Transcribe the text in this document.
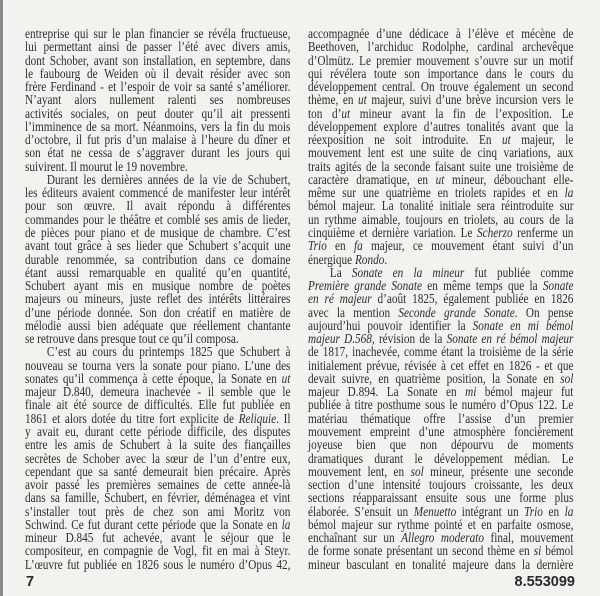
entreprise qui sur le plan financier se révéla fructueuse,
lui permettant ainsi de passer l’été avec divers amis,
dont Schober, avant son installation, en septembre, dans
le faubourg de Weiden où il devait résider avec son
frère Ferdinand - et l’espoir de voir sa santé s’améliorer.
N’ayant alors nullement ralenti ses nombreuses
activités sociales, on peut douter qu’il ait pressenti
l’imminence de sa mort. Néanmoins, vers la fin du mois
d’octobre, il fut pris d’un malaise à l’heure du dîner et
son état ne cessa de s’aggraver durant les jours qui
suivirent. Il mourut le 19 novembre.
Durant les dernières années de la vie de Schubert,
les éditeurs avaient commencé de manifester leur intérêt
pour son œuvre. Il avait répondu à différentes
commandes pour le théâtre et comblé ses amis de lieder,
de pièces pour piano et de musique de chambre. C’est
avant tout grâce à ses lieder que Schubert s’acquit une
durable renommée, sa contribution dans ce domaine
étant aussi remarquable en qualité qu’en quantité,
Schubert ayant mis en musique nombre de poètes
majeurs ou mineurs, juste reflet des intérêts littéraires
d’une période donnée. Son don créatif en matière de
mélodie aussi bien adéquate que réellement chantante
se retrouve dans presque tout ce qu’il composa.
C’est au cours du printemps 1825 que Schubert à
nouveau se tourna vers la sonate pour piano. L’une des
sonates qu’il commença à cette époque, la Sonate en ut
majeur D.840, demeura inachevée - il semble que le
finale ait été source de difficultés. Elle fut publiée en
1861 et alors dotée du titre fort explicite de Reliquie. Il
y avait eu, durant cette période difficile, des disputes
entre les amis de Schubert à la suite des fiançailles
secrètes de Schober avec la sœur de l’un d’entre eux,
cependant que sa santé demeurait bien précaire. Après
avoir passé les premières semaines de cette année-là
dans sa famille, Schubert, en février, déménagea et vint
s’installer tout près de chez son ami Moritz von
Schwind. Ce fut durant cette période que la Sonate en la
mineur D.845 fut achevée, avant le séjour que le
compositeur, en compagnie de Vogl, fit en mai à Steyr.
L’œuvre fut publiée en 1826 sous le numéro d’Opus 42,
accompagnée d’une dédicace à l’élève et mécène de
Beethoven, l’archiduc Rodolphe, cardinal archevêque
d’Olmütz. Le premier mouvement s’ouvre sur un motif
qui révélera toute son importance dans le cours du
développement central. On trouve également un second
thème, en ut majeur, suivi d’une brève incursion vers le
ton d’ut mineur avant la fin de l’exposition. Le
développement explore d’autres tonalités avant que la
réexposition ne soit introduite. En ut majeur, le
mouvement lent est une suite de cinq variations, aux
traits agités de la seconde faisant suite une troisième de
caractère dramatique, en ut mineur, débouchant elle-
même sur une quatrième en triolets rapides et en la
bémol majeur. La tonalité initiale sera réintroduite sur
un rythme aimable, toujours en triolets, au cours de la
cinquième et dernière variation. Le Scherzo renferme un
Trio en fa majeur, ce mouvement étant suivi d’un
énergique Rondo.
La Sonate en la mineur fut publiée comme
Première grande Sonate en même temps que la Sonate
en ré majeur d’août 1825, également publiée en 1826
avec la mention Seconde grande Sonate. On pense
aujourd’hui pouvoir identifier la Sonate en mi bémol
majeur D.568, révision de la Sonate en ré bémol majeur
de 1817, inachevée, comme étant la troisième de la série
initialement prévue, révisée à cet effet en 1826 - et que
devait suivre, en quatrième position, la Sonate en sol
majeur D.894. La Sonate en mi bémol majeur fut
publiée à titre posthume sous le numéro d’Opus 122. Le
matériau thématique offre l’assise d’un premier
mouvement empreint d’une atmosphère foncièrement
joyeuse bien que non dépourvu de moments
dramatiques durant le développement médian. Le
mouvement lent, en sol mineur, présente une seconde
section d’une intensité toujours croissante, les deux
sections réapparaissant ensuite sous une forme plus
élaborée. S’ensuit un Menuetto intégrant un Trio en la
bémol majeur sur rythme pointé et en parfaite osmose,
enchaînant sur un Allegro moderato final, mouvement
de forme sonate présentant un second thème en si bémol
mineur basculant en tonalité majeure dans la dernière
7	8.553099
